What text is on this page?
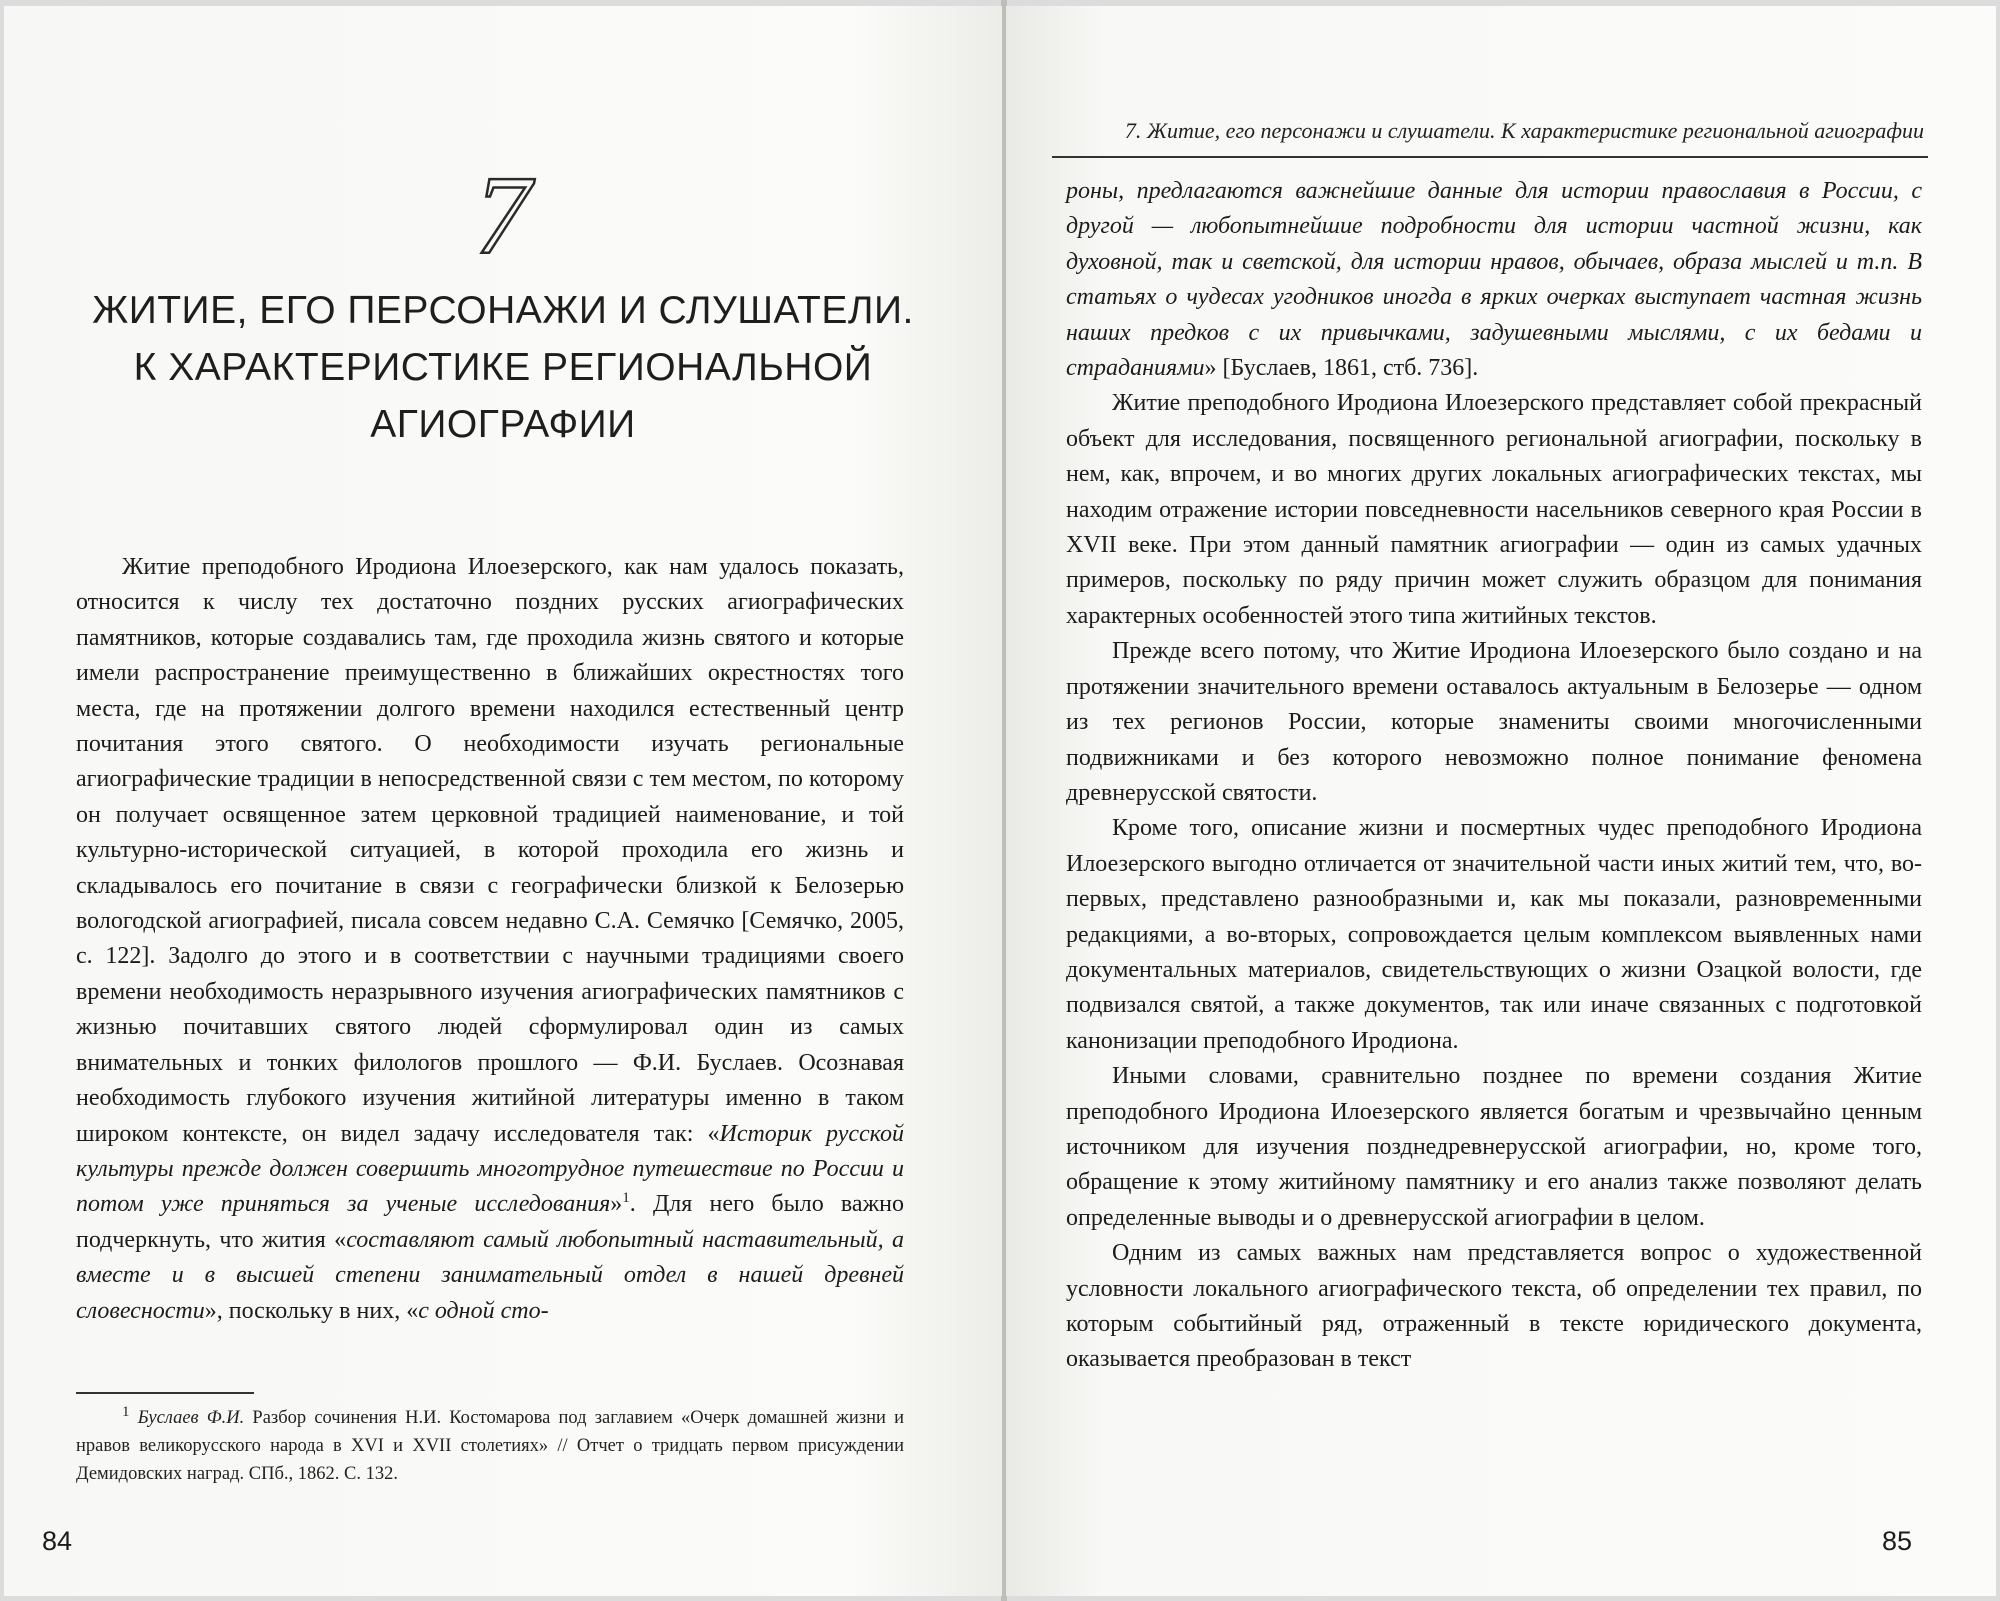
7
ЖИТИЕ, ЕГО ПЕРСОНАЖИ И СЛУШАТЕЛИ.
К ХАРАКТЕРИСТИКЕ РЕГИОНАЛЬНОЙ
АГИОГРАФИИ

Житие преподобного Иродиона Илоезерского, как нам удалось показать, относится к числу тех достаточно поздних русских агиографических памятников, которые создавались там, где проходила жизнь святого и которые имели распространение преимущественно в ближайших окрестностях того места, где на протяжении долгого времени находился естественный центр почитания этого святого. О необходимости изучать региональные агиографические традиции в непосредственной связи с тем местом, по которому он получает освященное затем церковной традицией наименование, и той культурно-исторической ситуацией, в которой проходила его жизнь и складывалось его почитание в связи с географически близкой к Белозерью вологодской агиографией, писала совсем недавно С.А. Семячко [Семячко, 2005, с. 122]. Задолго до этого и в соответствии с научными традициями своего времени необходимость неразрывного изучения агиографических памятников с жизнью почитавших святого людей сформулировал один из самых внимательных и тонких филологов прошлого — Ф.И. Буслаев. Осознавая необходимость глубокого изучения житийной литературы именно в таком широком контексте, он видел задачу исследователя так: «Историк русской культуры прежде должен совершить многотрудное путешествие по России и потом уже приняться за ученые исследования»$^1$. Для него было важно подчеркнуть, что жития «составляют самый любопытный наставительный, а вместе и в высшей степени занимательный отдел в нашей древней словесности», поскольку в них, «с одной сто-

$^1$ Буслаев Ф.И. Разбор сочинения Н.И. Костомарова под заглавием «Очерк домашней жизни и нравов великорусского народа в XVI и XVII столетиях» // Отчет о тридцать первом присуждении Демидовских наград. СПб., 1862. С. 132.
84
7. Житие, его персонажи и слушатели. К характеристике региональной агиографии

роны, предлагаются важнейшие данные для истории православия в России, с другой — любопытнейшие подробности для истории частной жизни, как духовной, так и светской, для истории нравов, обычаев, образа мыслей и т.п. В статьях о чудесах угодников иногда в ярких очерках выступает частная жизнь наших предков с их привычками, задушевными мыслями, с их бедами и страданиями» [Буслаев, 1861, стб. 736].

Житие преподобного Иродиона Илоезерского представляет собой прекрасный объект для исследования, посвященного региональной агиографии, поскольку в нем, как, впрочем, и во многих других локальных агиографических текстах, мы находим отражение истории повседневности насельников северного края России в XVII веке. При этом данный памятник агиографии — один из самых удачных примеров, поскольку по ряду причин может служить образцом для понимания характерных особенностей этого типа житийных текстов.

Прежде всего потому, что Житие Иродиона Илоезерского было создано и на протяжении значительного времени оставалось актуальным в Белозерье — одном из тех регионов России, которые знамениты своими многочисленными подвижниками и без которого невозможно полное понимание феномена древнерусской святости.

Кроме того, описание жизни и посмертных чудес преподобного Иродиона Илоезерского выгодно отличается от значительной части иных житий тем, что, во-первых, представлено разнообразными и, как мы показали, разновременными редакциями, а во-вторых, сопровождается целым комплексом выявленных нами документальных материалов, свидетельствующих о жизни Озацкой волости, где подвизался святой, а также документов, так или иначе связанных с подготовкой канонизации преподобного Иродиона.

Иными словами, сравнительно позднее по времени создания Житие преподобного Иродиона Илоезерского является богатым и чрезвычайно ценным источником для изучения позднедревнерусской агиографии, но, кроме того, обращение к этому житийному памятнику и его анализ также позволяют делать определенные выводы и о древнерусской агиографии в целом.

Одним из самых важных нам представляется вопрос о художественной условности локального агиографического текста, об определении тех правил, по которым событийный ряд, отраженный в тексте юридического документа, оказывается преобразован в текст

85
